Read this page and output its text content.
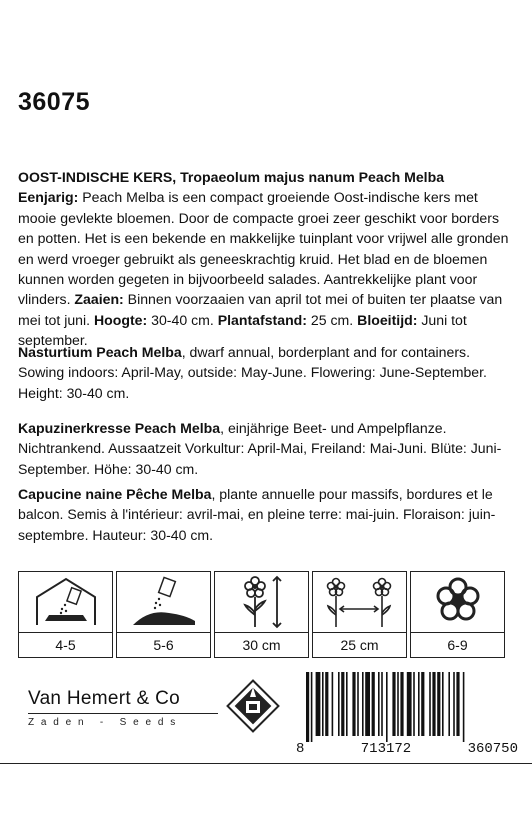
36075
OOST-INDISCHE KERS, Tropaeolum majus nanum Peach Melba
Eenjarig: Peach Melba is een compact groeiende Oost-indische kers met mooie gevlekte bloemen. Door de compacte groei zeer geschikt voor borders en potten. Het is een bekende en makkelijke tuinplant voor vrijwel alle gronden en werd vroeger gebruikt als geneeskrachtig kruid. Het blad en de bloemen kunnen worden gegeten in bijvoorbeeld salades. Aantrekkelijke plant voor vlinders. Zaaien: Binnen voorzaaien van april tot mei of buiten ter plaatse van mei tot juni. Hoogte: 30-40 cm. Plantafstand: 25 cm. Bloeitijd: Juni tot september.
Nasturtium Peach Melba, dwarf annual, borderplant and for containers. Sowing indoors: April-May, outside: May-June. Flowering: June-September. Height: 30-40 cm.
Kapuzinerkresse Peach Melba, einjährige Beet- und Ampelpflanze. Nichtrankend. Aussaatzeit Vorkultur: April-Mai, Freiland: Mai-Juni. Blüte: Juni-September. Höhe: 30-40 cm.
Capucine naine Pêche Melba, plante annuelle pour massifs, bordures et le balcon. Semis à l'intérieur: avril-mai, en pleine terre: mai-juin. Floraison: juin-septembre. Hauteur: 30-40 cm.
4-5	5-6	30 cm	25 cm	6-9
Van Hemert & Co
Zaden - Seeds
8	713172	360750
